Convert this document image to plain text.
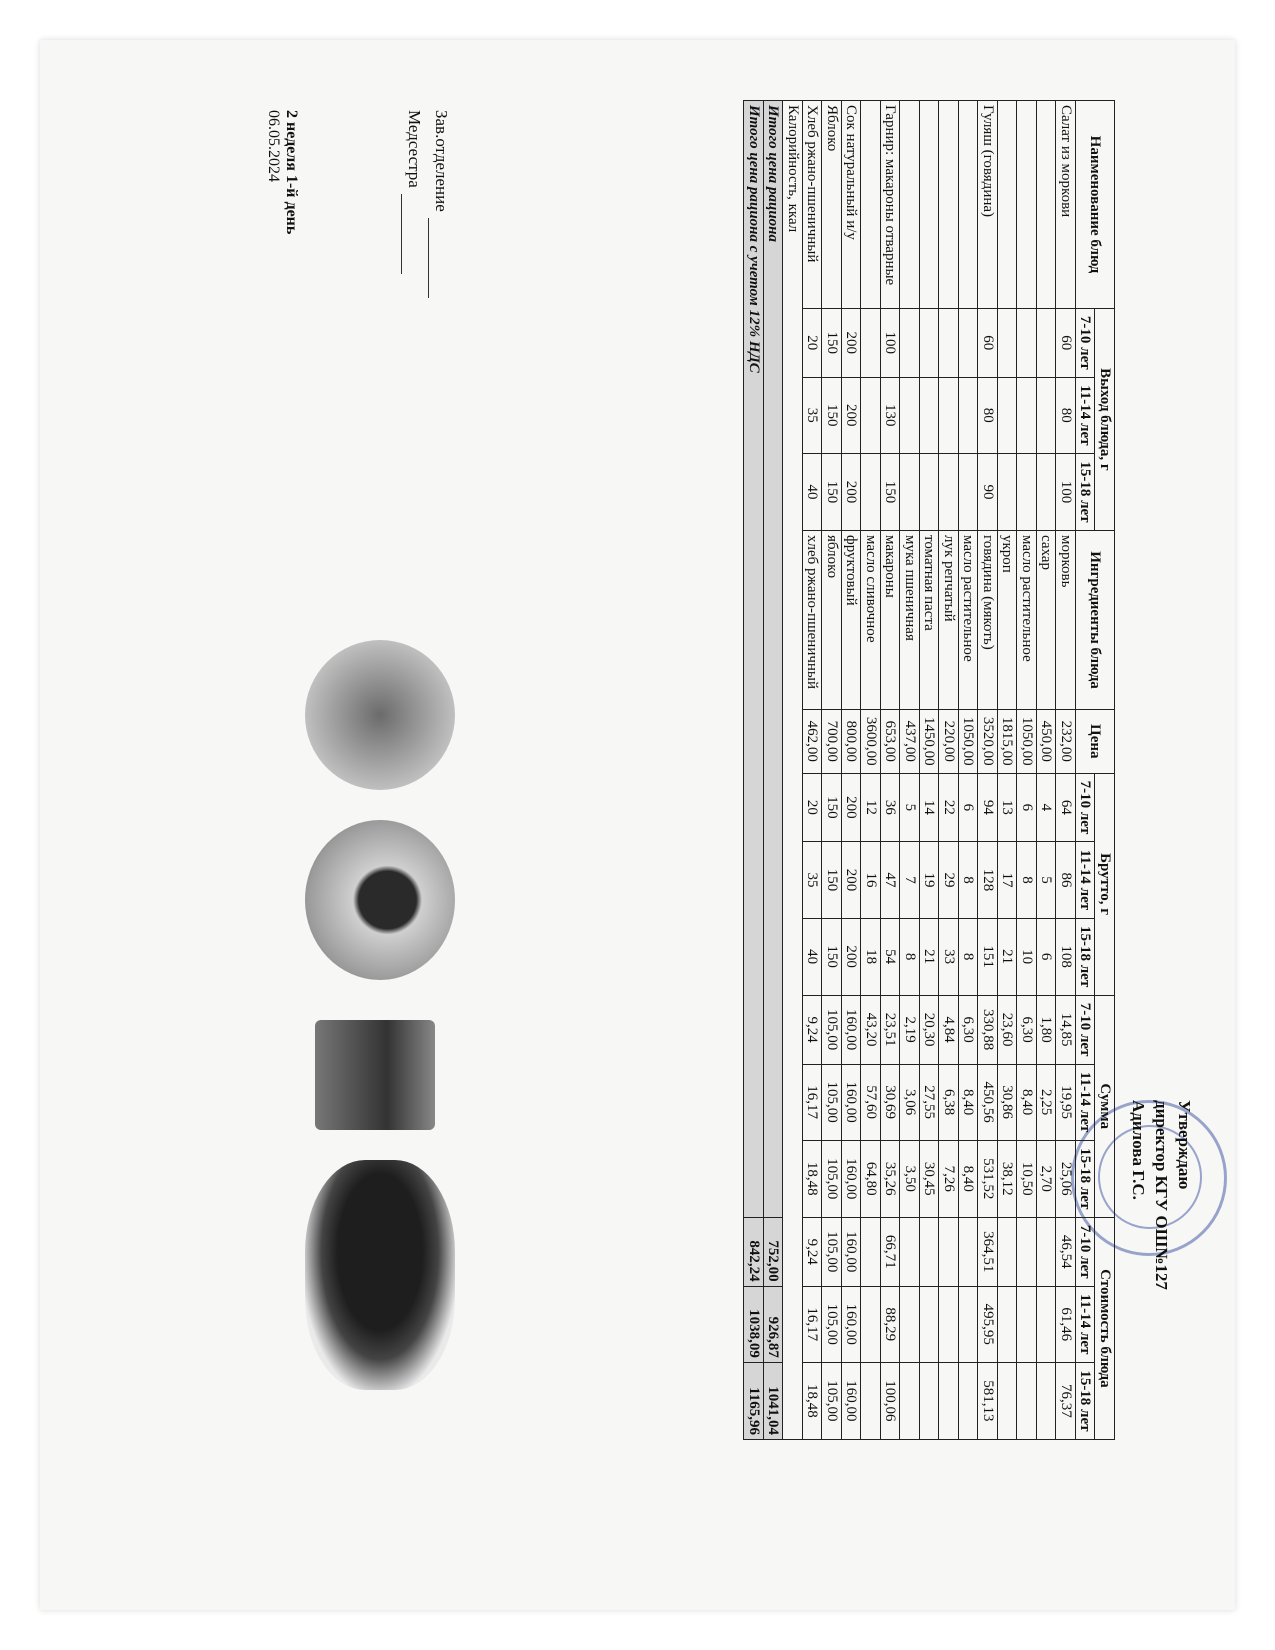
2 неделя 1-й день
06.05.2024
Утверждаю
директор КГУ ОШ№127
Адилова Г.С.
Наименование блюд	Выход блюда, г			Ингредиенты блюда	Цена	Брутто, г			Сумма			Стоимость блюда		
	7-10 лет	11-14 лет	15-18 лет			7-10 лет	11-14 лет	15-18 лет	7-10 лет	11-14 лет	15-18 лет	7-10 лет	11-14 лет	15-18 лет
Салат из моркови	60	80	100	морковь	232,00	64	86	108	14,85	19,95	25,06	46,54	61,46	76,37
				сахар	450,00	4	5	6	1,80	2,25	2,70			
				масло растительное	1050,00	6	8	10	6,30	8,40	10,50			
				укроп	1815,00	13	17	21	23,60	30,86	38,12			
Гуляш (говядина)	60	80	90	говядина (мякоть)	3520,00	94	128	151	330,88	450,56	531,52	364,51	495,95	581,13
				масло растительное	1050,00	6	8	8	6,30	8,40	8,40			
				лук репчатый	220,00	22	29	33	4,84	6,38	7,26			
				томатная паста	1450,00	14	19	21	20,30	27,55	30,45			
				мука пшеничная	437,00	5	7	8	2,19	3,06	3,50			
Гарнир: макароны отварные	100	130	150	макароны	653,00	36	47	54	23,51	30,69	35,26	66,71	88,29	100,06
				масло сливочное	3600,00	12	16	18	43,20	57,60	64,80			
Сок натуральный и/у	200	200	200	фруктовый	800,00	200	200	200	160,00	160,00	160,00	160,00	160,00	160,00
Яблоко	150	150	150	яблоко	700,00	150	150	150	105,00	105,00	105,00	105,00	105,00	105,00
Хлеб ржано-пшеничный	20	35	40	хлеб ржано-пшеничный	462,00	20	35	40	9,24	16,17	18,48	9,24	16,17	18,48
Калорийность, ккал														
Итого цена рациона												752,00	926,87	1041,04
Итого цена рациона с учетом 12% НДС												842,24	1038,09	1165,96
Зав.отделение
Медсестра
